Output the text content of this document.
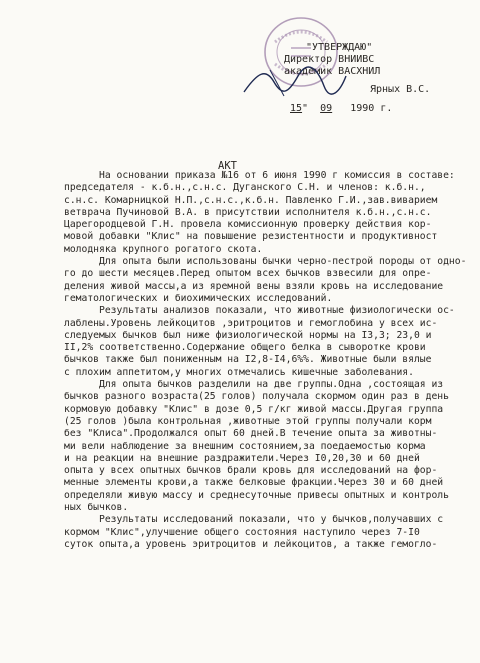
"УТВЕРЖДАЮ"
Директор ВНИИВС
академик ВАСХНИЛ
Ярных В.С.
15"  09 1990 г.
АКТ
На основании приказа №16 от 6 июня 1990 г комиссия в составе:
председателя - к.б.н.,с.н.с. Дуганского С.Н. и членов: к.б.н.,
с.н.с. Комарницкой Н.П.,с.н.с.,к.б.н. Павленко Г.И.,зав.виварием
ветврача Пучиновой В.А. в присутствии исполнителя к.б.н.,с.н.с.
Царегородцевой Г.Н. провела комиссионную проверку действия кор-
мовой добавки "Клис" на повышение резистентности и продуктивност
молоднякa крупного рогатого скота.
Для опыта были использованы бычки черно-пестрой породы от одно-
го до шести месяцев.Перед опытом всех бычков взвесили для опре-
деления живой массы,а из яремной вены взяли кровь на исследование
гематологических и биохимических исследований.
Результаты анализов показали, что животные физиологически ос-
лаблены.Уровень лейкоцитов ,эритроцитов и гемоглобина у всех ис-
следуемых бычков был ниже физиологической нормы на I3,3; 23,0 и
II,2% соответственно.Содержание общего белка в сыворотке крови
бычков также был пониженным на I2,8-I4,6%%. Животные были вялые
с плохим аппетитом,у многих отмечались кишечные заболевания.
Для опыта бычков разделили на две группы.Одна ,состоящая из
бычков разного возраста(25 голов) получала скормом один раз в день
кормовую добавку "Клис" в дозе 0,5 г/кг живой массы.Другая группа
(25 голов )была контрольная ,животные этой группы получали корм
без "Клиса".Продолжался опыт 60 дней.В течение опыта за животны-
ми вели наблюдение за внешним состоянием,за поедаемостью корма
и на реакции на внешние раздражители.Через I0,20,30 и 60 дней
опыта у всех опытных бычков брали кровь для исследований на фор-
менные элементы крови,а также белковые фракции.Через 30 и 60 дней
определяли живую массу и среднесуточные привесы опытных и контроль
ных бычков.
Результаты исследований показали, что у бычков,получавших с
кормом "Клис",улучшение общего состояния наступило через 7-I0
суток опыта,а уровень эритроцитов и лейкоцитов, а также гемогло-
